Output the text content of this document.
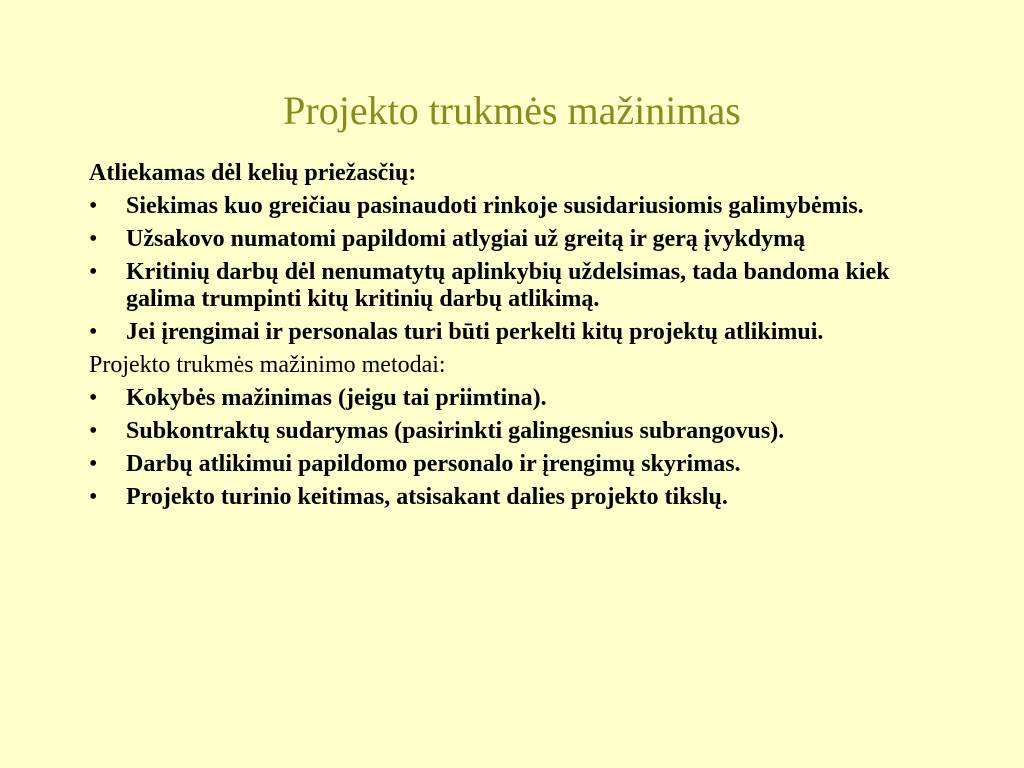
Projekto trukmės mažinimas
Atliekamas dėl kelių priežasčių:
• Siekimas kuo greičiau pasinaudoti rinkoje susidariusiomis galimybėmis.
• Užsakovo numatomi papildomi atlygiai už greitą ir gerą įvykdymą
• Kritinių darbų dėl nenumatytų aplinkybių uždelsimas, tada bandoma kiek galima trumpinti kitų kritinių darbų atlikimą.
• Jei įrengimai ir personalas turi būti perkelti kitų projektų atlikimui.
Projekto trukmės mažinimo metodai:
• Kokybės mažinimas (jeigu tai priimtina).
• Subkontraktų sudarymas (pasirinkti galingesnius subrangovus).
• Darbų atlikimui papildomo personalo ir įrengimų skyrimas.
• Projekto turinio keitimas, atsisakant dalies projekto tikslų.
